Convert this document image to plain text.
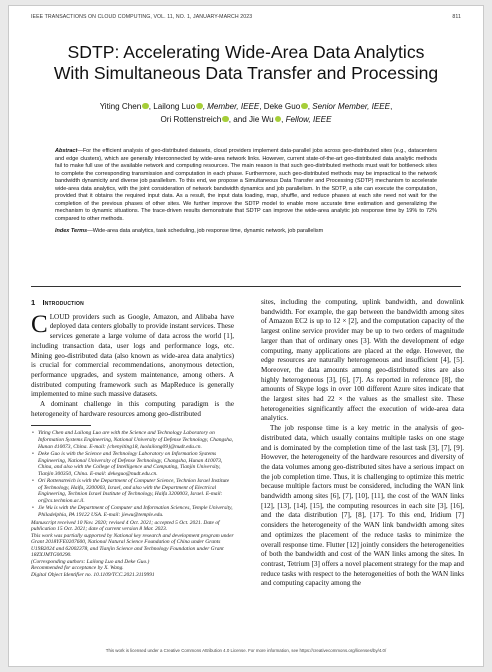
IEEE TRANSACTIONS ON CLOUD COMPUTING, VOL. 11, NO. 1, JANUARY-MARCH 2023	811
SDTP: Accelerating Wide-Area Data Analytics
With Simultaneous Data Transfer and Processing
Yiting Chen , Lailong Luo , Member, IEEE, Deke Guo , Senior Member, IEEE,
Ori Rottenstreich , and Jie Wu , Fellow, IEEE

Abstract—For the efficient analysis of geo-distributed datasets, cloud providers implement data-parallel jobs across geo-distributed sites (e.g., datacenters and edge clusters), which are generally interconnected by wide-area network links. However, current state-of-the-art geo-distributed data analytic methods fail to make full use of the available network and computing resources. The main reason is that such geo-distributed methods must wait for bottleneck sites to complete the corresponding transmission and computation in each phase. Furthermore, such geo-distributed methods may be impractical to the network bandwidth dynamicity and diverse job parallelism. To this end, we propose a Simultaneous Data Transfer and Processing (SDTP) mechanism to accelerate wide-area data analytics, with the joint consideration of network bandwidth dynamics and job parallelism. In the SDTP, a site can execute the computation, provided that it obtains the required input data. As a result, the input data loading, map, shuffle, and reduce phases at each site need not wait for the completion of the previous phases of other sites. We further improve the SDTP model to enable more accurate time estimation and generalizing the mechanism to dynamic situations. The trace-driven results demonstrate that SDTP can improve the wide-area analytic job response time by 19% to 72% compared to other methods.

Index Terms—Wide-area data analytics, task scheduling, job response time, dynamic network, job parallelism

1 Introduction

CLOUD providers such as Google, Amazon, and Alibaba have deployed data centers globally to provide instant services. These services generate a large volume of data across the world [1], including transaction data, user logs and performance logs, etc. Mining geo-distributed data (also known as wide-area data analytics) is crucial for commercial recommendations, anonymous detection, performance upgrades, and system maintenance, among others. A distributed computing framework such as MapReduce is generally implemented to mine such massive datasets.

A dominant challenge in this computing paradigm is the heterogeneity of hardware resources among geo-distributed

• Yiting Chen and Lailong Luo are with the Science and Technology Laboratory on Information Systems Engineering, National University of Defense Technology, Changsha, Hunan 410073, China. E-mail: {chenyiting18, luolailong09}@nudt.edu.cn.
• Deke Guo is with the Science and Technology Laboratory on Information Systems Engineering, National University of Defense Technology, Changsha, Hunan 410073, China, and also with the College of Intelligence and Computing, Tianjin University, Tianjin 300350, China. E-mail: dekeguo@nudt.edu.cn.
• Ori Rottenstreich is with the Department of Computer Science, Technion Israel Institute of Technology, Haifa, 3200003, Israel, and also with the Department of Electrical Engineering, Technion Israel Institute of Technology, Haifa 3200003, Israel. E-mail: or@cs.technion.ac.il.
• Jie Wu is with the Department of Computer and Information Sciences, Temple University, Philadelphia, PA 19122 USA. E-mail: jiewu@temple.edu.

Manuscript received 10 Nov. 2020; revised 4 Oct. 2021; accepted 5 Oct. 2021. Date of publication 15 Oct. 2021; date of current version 8 Mar. 2023.

This work was partially supported by National key research and development program under Grant 2018YFE0207600, National Natural Science Foundation of China under Grants U19B2024 and 62002378, and Tianjin Science and Technology Foundation under Grant 18ZXJMTG00290.

(Corresponding authors: Lailong Luo and Deke Guo.)

Recommended for acceptance by X. Wang.

Digital Object Identifier no. 10.1109/TCC.2021.3119991

sites, including the computing, uplink bandwidth, and downlink bandwidth. For example, the gap between the bandwidth among sites of Amazon EC2 is up to 12 × [2], and the computation capacity of the largest online service provider may be up to two orders of magnitude larger than that of ordinary ones [3]. With the development of edge computing, many applications are placed at the edge. However, the edge resources are naturally heterogeneous and insufficient [4], [5]. Moreover, the data amounts among geo-distributed sites are also highly heterogeneous [3], [6], [7]. As reported in reference [8], the amounts of Skype logs in over 100 different Azure sites indicate that the largest sites had 22 × the values as the smallest site. These heterogeneities significantly affect the execution of wide-area data analytics.

The job response time is a key metric in the analysis of geo-distributed data, which usually contains multiple tasks on one stage and is dominated by the completion time of the last task [3], [7], [9]. However, the heterogeneity of the hardware resources and diversity of the data volumes among geo-distributed sites have a serious impact on the job completion time. Thus, it is challenging to optimize this metric because multiple factors must be considered, including the WAN link bandwidth among sites [6], [7], [10], [11], the cost of the WAN links [12], [13], [14], [15], the computing resources in each site [3], [16], and the data distribution [7], [8], [17]. To this end, Iridium [7] considers the heterogeneity of the WAN link bandwidth among sites and optimizes the placement of the reduce tasks to minimize the overall response time. Flutter [12] jointly considers the heterogeneities of both the bandwidth and cost of the WAN links among the sites. In contrast, Tetrium [3] offers a novel placement strategy for the map and reduce tasks with respect to the heterogeneities of both the WAN links and computing capacity among the

This work is licensed under a Creative Commons Attribution 4.0 License. For more information, see https://creativecommons.org/licenses/by/4.0/
